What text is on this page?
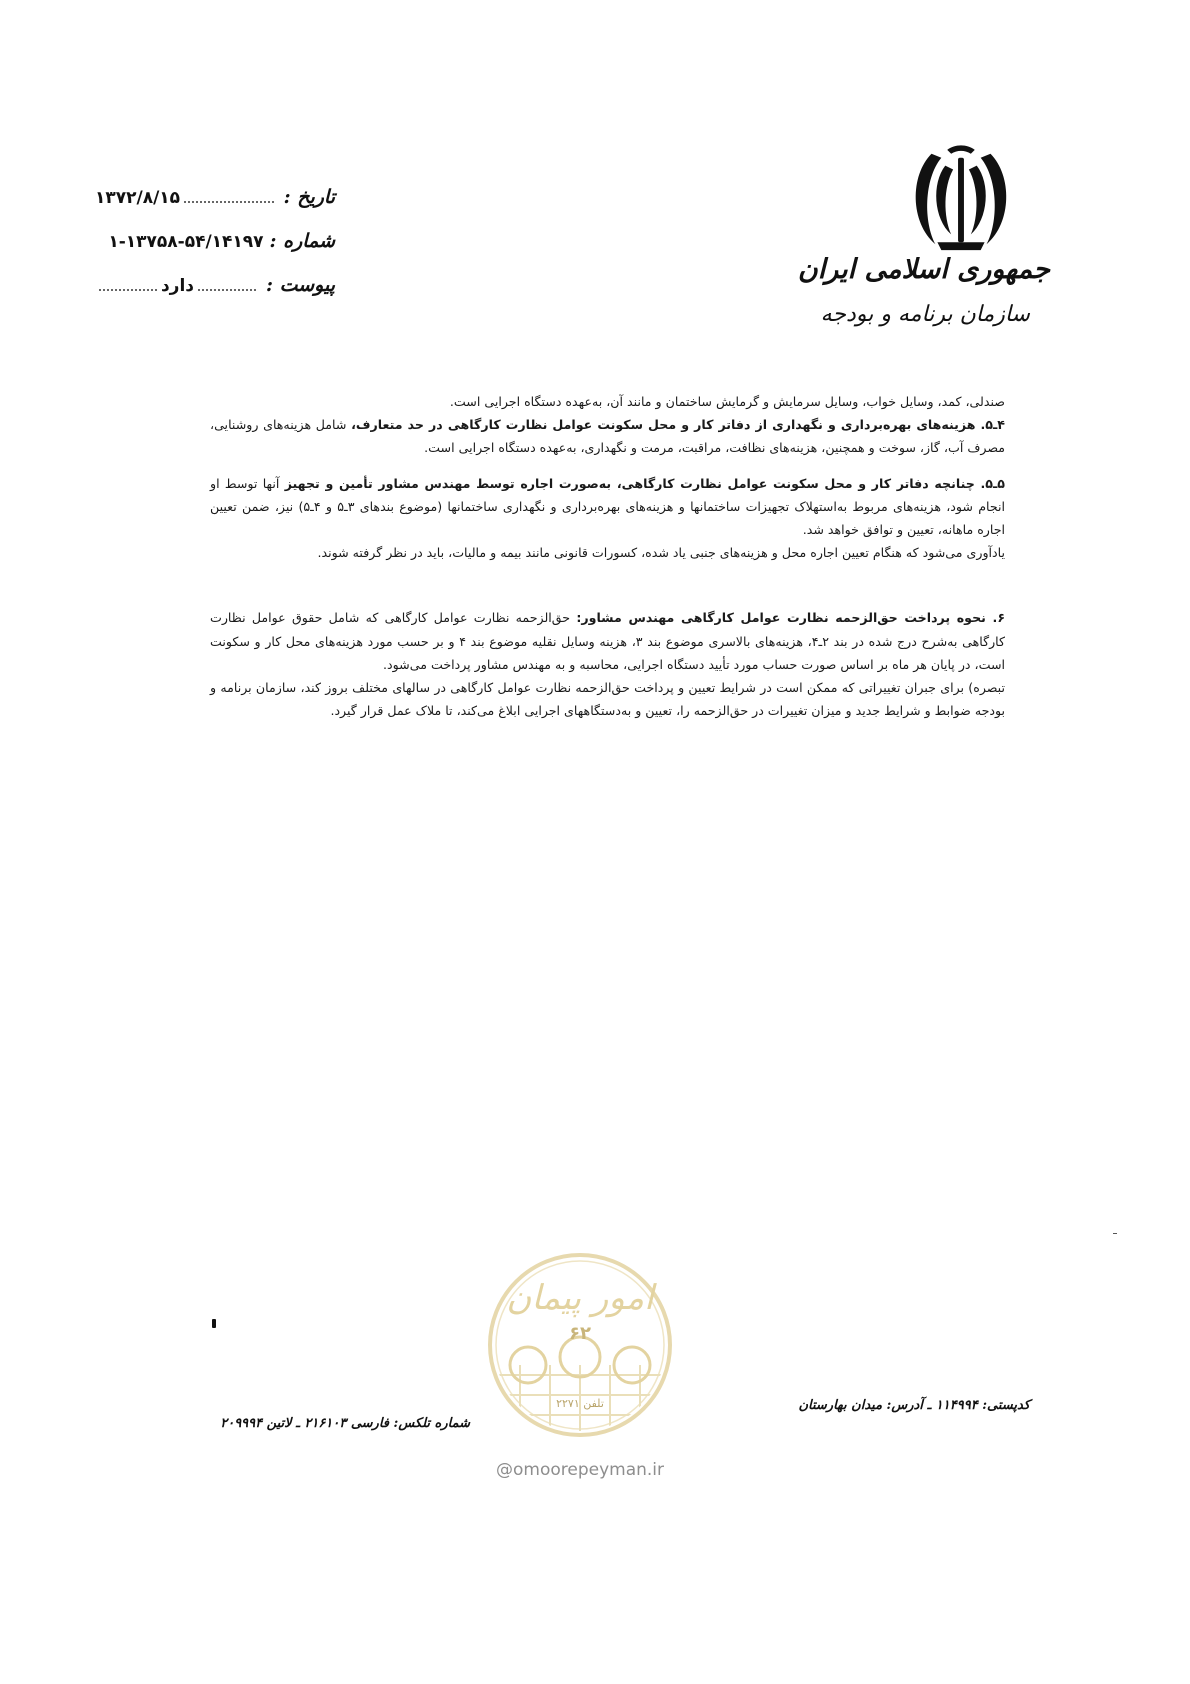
جمهوری اسلامی ایران
سازمان برنامه و بودجه
تاریخ :
۱۳۷۲/۸/۱۵
شماره :
۱-۱۳۷۵۸-۵۴/۱۴۱۹۷
پیوست :
دارد

صندلی، کمد، وسایل خواب، وسایل سرمایش و گرمایش ساختمان و مانند آن، به‌عهده دستگاه اجرایی است.

۴ـ۵. هزینه‌های بهره‌برداری و نگهداری از دفاتر کار و محل سکونت عوامل نظارت کارگاهی در حد متعارف، شامل هزینه‌های روشنایی، مصرف آب، گاز، سوخت و همچنین، هزینه‌های نظافت، مراقبت، مرمت و نگهداری، به‌عهده دستگاه اجرایی است.

۵ـ۵. چنانچه دفاتر کار و محل سکونت عوامل نظارت کارگاهی، به‌صورت اجاره توسط مهندس مشاور تأمین و تجهیز آنها توسط او انجام شود، هزینه‌های مربوط به‌استهلاک تجهیزات ساختمانها و هزینه‌های بهره‌برداری و نگهداری ساختمانها (موضوع بندهای ۳ـ۵ و ۴ـ۵) نیز، ضمن تعیین اجاره ماهانه، تعیین و توافق خواهد شد.

یادآوری می‌شود که هنگام تعیین اجاره محل و هزینه‌های جنبی یاد شده، کسورات قانونی مانند بیمه و مالیات، باید در نظر گرفته شوند.

۶. نحوه پرداخت حق‌الزحمه نظارت عوامل کارگاهی مهندس مشاور: حق‌الزحمه نظارت عوامل کارگاهی که شامل حقوق عوامل نظارت کارگاهی به‌شرح درج شده در بند ۲ـ۴، هزینه‌های بالاسری موضوع بند ۳، هزینه وسایل نقلیه موضوع بند ۴ و بر حسب مورد هزینه‌های محل کار و سکونت است، در پایان هر ماه بر اساس صورت حساب مورد تأیید دستگاه اجرایی، محاسبه و به مهندس مشاور پرداخت می‌شود.

تبصره) برای جبران تغییراتی که ممکن است در شرایط تعیین و پرداخت حق‌الزحمه نظارت عوامل کارگاهی در سالهای مختلف بروز کند، سازمان برنامه و بودجه ضوابط و شرایط جدید و میزان تغییرات در حق‌الزحمه را، تعیین و به‌دستگاههای اجرایی ابلاغ می‌کند، تا ملاک عمل قرار گیرد.

امور پیمان
۶۲
تلفن ۲۲۷۱
@omoorepeyman.ir
کدپستی: ۱۱۴۹۹۴ ـ آدرس: میدان بهارستان
شماره تلکس: فارسی ۲۱۶۱۰۳ ـ لاتین ۲۰۹۹۹۴
